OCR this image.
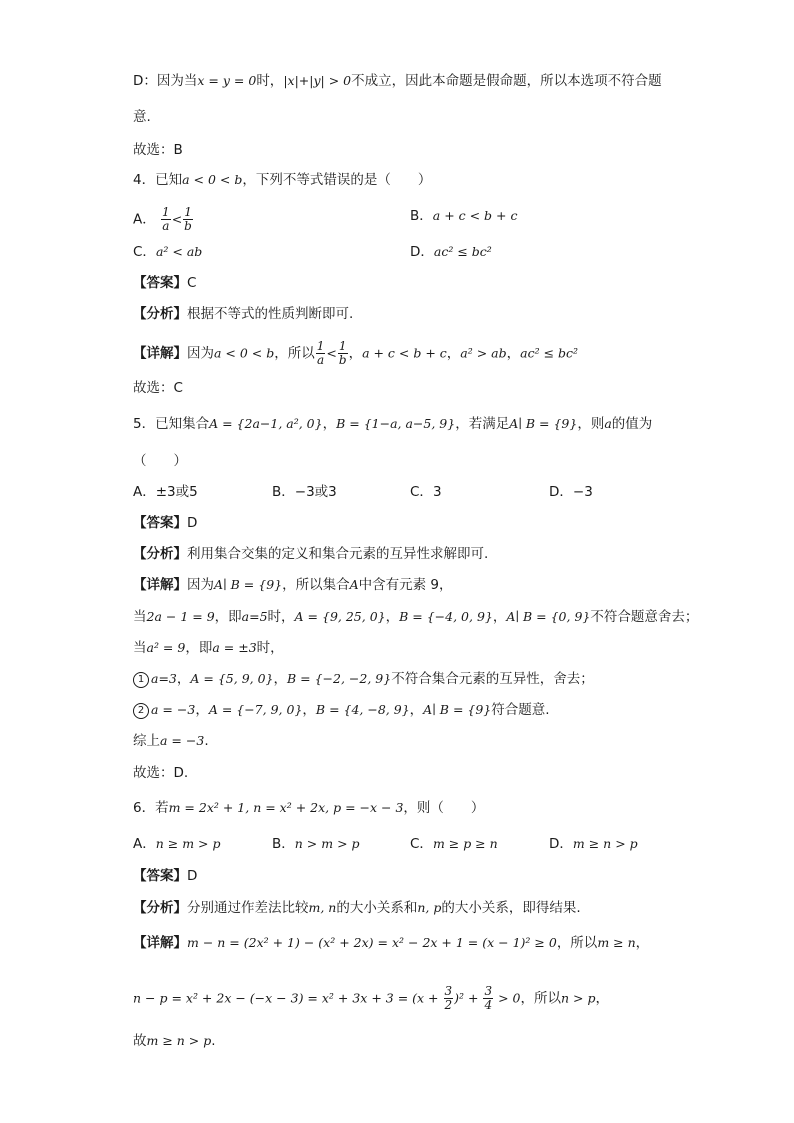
D：因为当x = y = 0时，|x|+|y| > 0不成立，因此本命题是假命题，所以本选项不符合题
意.
故选：B
4．已知a < 0 < b，下列不等式错误的是（　　）
A． $\frac{1}{a} < \frac{1}{b}$	B．a + c < b + c
C．a² < ab	D．ac² ≤ bc²
【答案】C
【分析】根据不等式的性质判断即可.
【详解】因为a < 0 < b，所以 $\frac{1}{a} < \frac{1}{b}$ ，a + c < b + c，a² > ab，ac² ≤ bc²
故选：C
5．已知集合A = {2a−1, a², 0}，B = {1−a, a−5, 9}，若满足A∣ B = {9}，则a的值为
（　　）
A．±3或5	B．−3或3	C．3	D．−3
【答案】D
【分析】利用集合交集的定义和集合元素的互异性求解即可.
【详解】因为A∣ B = {9}，所以集合A中含有元素 9，
当2a − 1 = 9，即a=5时，A = {9, 25, 0}，B = {−4, 0, 9}，A∣ B = {0, 9}不符合题意舍去；
当a² = 9，即a = ±3时，
1 a=3，A = {5, 9, 0}，B = {−2, −2, 9}不符合集合元素的互异性，舍去；
2 a = −3，A = {−7, 9, 0}，B = {4, −8, 9}，A∣ B = {9}符合题意.
综上a = −3.
故选：D.
6．若m = 2x² + 1, n = x² + 2x, p = −x − 3，则（　　）
A．n ≥ m > p	B．n > m > p	C．m ≥ p ≥ n	D．m ≥ n > p
【答案】D
【分析】分别通过作差法比较m, n的大小关系和n, p的大小关系，即得结果.
【详解】m − n = (2x² + 1) − (x² + 2x) = x² − 2x + 1 = (x − 1)² ≥ 0，所以m ≥ n，
$n - p = x^2 + 2x - (-x - 3) = x^2 + 3x + 3 = (x + \frac{3}{2} )^2 + \frac{3}{4} > 0$，所以n > p，
故m ≥ n > p.
